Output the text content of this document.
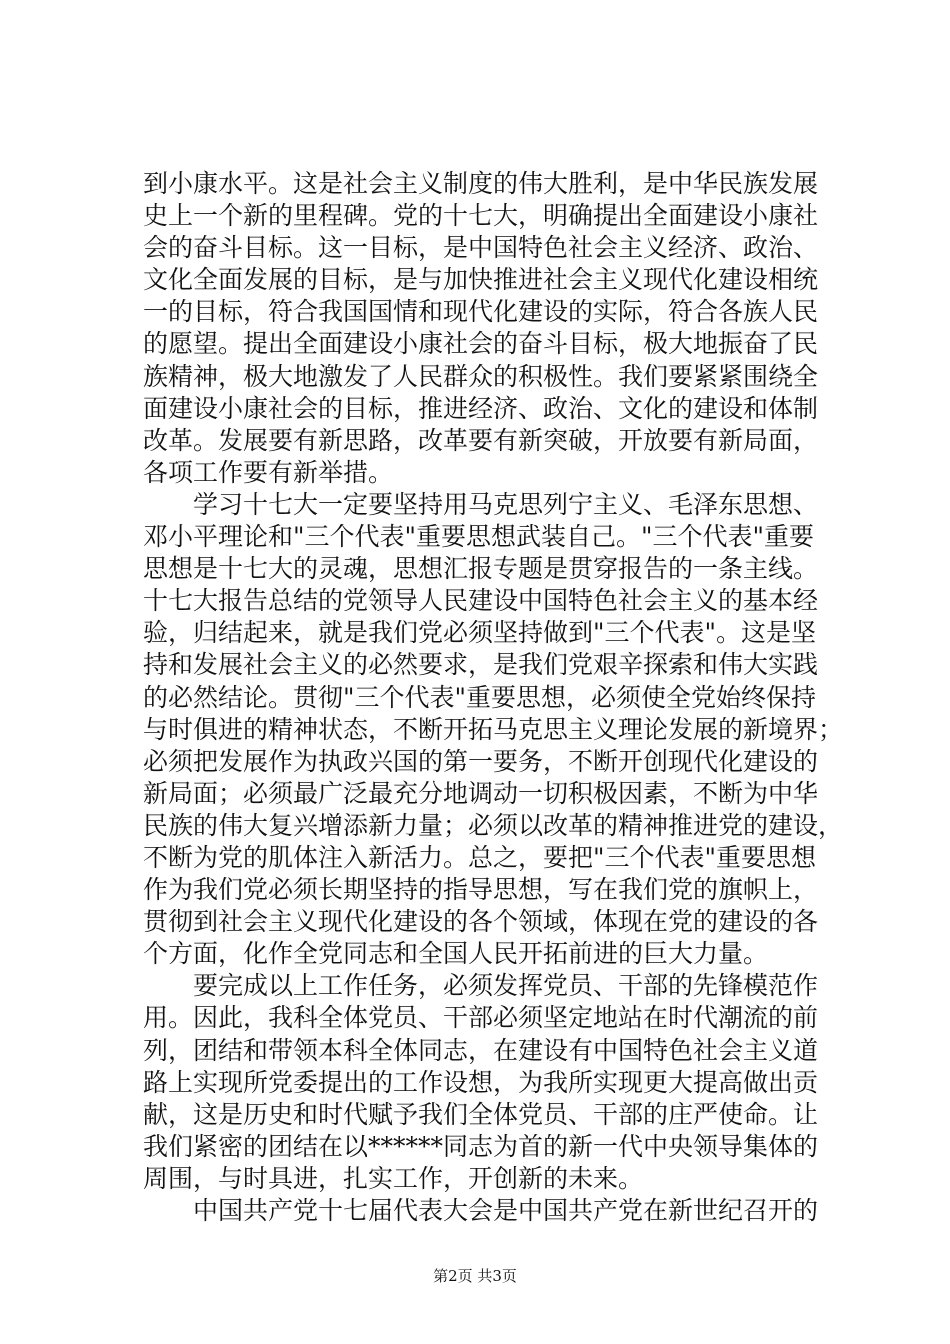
到小康水平。这是社会主义制度的伟大胜利，是中华民族发展
史上一个新的里程碑。党的十七大，明确提出全面建设小康社
会的奋斗目标。这一目标，是中国特色社会主义经济、政治、
文化全面发展的目标，是与加快推进社会主义现代化建设相统
一的目标，符合我国国情和现代化建设的实际，符合各族人民
的愿望。提出全面建设小康社会的奋斗目标，极大地振奋了民
族精神，极大地激发了人民群众的积极性。我们要紧紧围绕全
面建设小康社会的目标，推进经济、政治、文化的建设和体制
改革。发展要有新思路，改革要有新突破，开放要有新局面，
各项工作要有新举措。
　　学习十七大一定要坚持用马克思列宁主义、毛泽东思想、
邓小平理论和"三个代表"重要思想武装自己。"三个代表"重要
思想是十七大的灵魂，思想汇报专题是贯穿报告的一条主线。
十七大报告总结的党领导人民建设中国特色社会主义的基本经
验，归结起来，就是我们党必须坚持做到"三个代表"。这是坚
持和发展社会主义的必然要求，是我们党艰辛探索和伟大实践
的必然结论。贯彻"三个代表"重要思想，必须使全党始终保持
与时俱进的精神状态，不断开拓马克思主义理论发展的新境界；
必须把发展作为执政兴国的第一要务，不断开创现代化建设的
新局面；必须最广泛最充分地调动一切积极因素，不断为中华
民族的伟大复兴增添新力量；必须以改革的精神推进党的建设，
不断为党的肌体注入新活力。总之，要把"三个代表"重要思想
作为我们党必须长期坚持的指导思想，写在我们党的旗帜上，
贯彻到社会主义现代化建设的各个领域，体现在党的建设的各
个方面，化作全党同志和全国人民开拓前进的巨大力量。
　　要完成以上工作任务，必须发挥党员、干部的先锋模范作
用。因此，我科全体党员、干部必须坚定地站在时代潮流的前
列，团结和带领本科全体同志，在建设有中国特色社会主义道
路上实现所党委提出的工作设想，为我所实现更大提高做出贡
献，这是历史和时代赋予我们全体党员、干部的庄严使命。让
我们紧密的团结在以******同志为首的新一代中央领导集体的
周围，与时具进，扎实工作，开创新的未来。
　　中国共产党十七届代表大会是中国共产党在新世纪召开的
第2页 共3页
